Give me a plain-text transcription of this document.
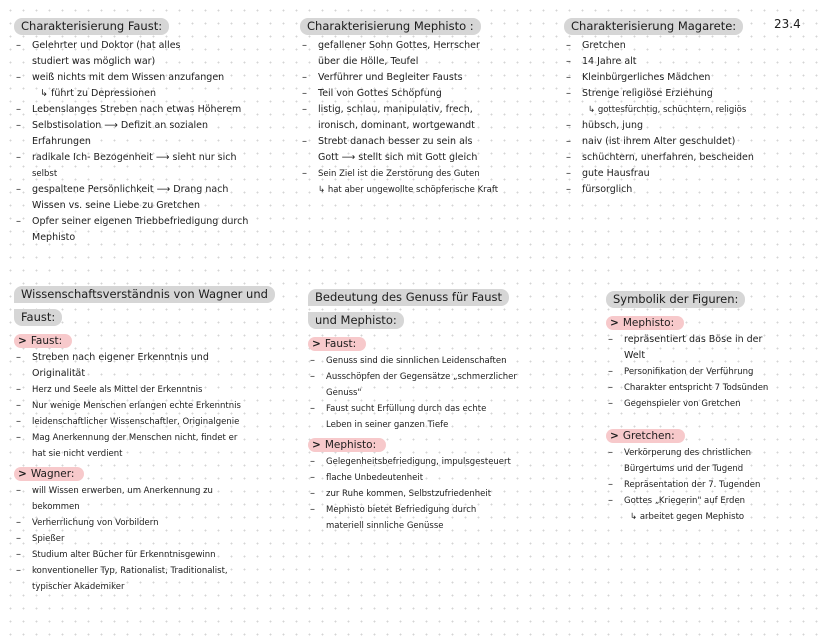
23.4
Charakterisierung Faust:
– Gelehrter und Doktor (hat alles
studiert was möglich war)
– weiß nichts mit dem Wissen anzufangen
↳ führt zu Depressionen
– Lebenslanges Streben nach etwas Höherem
– Selbstisolation ⟶ Defizit an sozialen
Erfahrungen
– radikale Ich- Bezogenheit ⟶ sieht nur sich
selbst
– gespaltene Persönlichkeit ⟶ Drang nach
Wissen vs. seine Liebe zu Gretchen
– Opfer seiner eigenen Triebbefriedigung durch
Mephisto
Charakterisierung Mephisto :
– gefallener Sohn Gottes, Herrscher
über die Hölle, Teufel
– Verführer und Begleiter Fausts
– Teil von Gottes Schöpfung
– listig, schlau, manipulativ, frech,
ironisch, dominant, wortgewandt
– Strebt danach besser zu sein als
Gott ⟶ stellt sich mit Gott gleich
– Sein Ziel ist die Zerstörung des Guten
↳ hat aber ungewollte schöpferische Kraft
Charakterisierung Magarete:
– Gretchen
– 14 Jahre alt
– Kleinbürgerliches Mädchen
– Strenge religiöse Erziehung
↳ gottesfürchtig, schüchtern, religiös
– hübsch, jung
– naiv (ist ihrem Alter geschuldet)
– schüchtern, unerfahren, bescheiden
– gute Hausfrau
– fürsorglich
Wissenschaftsverständnis von Wagner und
Faust:
> Faust:
– Streben nach eigener Erkenntnis und
Originalität
– Herz und Seele als Mittel der Erkenntnis
– Nur wenige Menschen erlangen echte Erkenntnis
– leidenschaftlicher Wissenschaftler, Originalgenie
– Mag Anerkennung der Menschen nicht, findet er
hat sie nicht verdient
> Wagner:
– will Wissen erwerben, um Anerkennung zu
bekommen
– Verherrlichung von Vorbildern
– Spießer
– Studium alter Bücher für Erkenntnisgewinn
– konventioneller Typ, Rationalist, Traditionalist,
typischer Akademiker
Bedeutung des Genuss für Faust
und Mephisto:
> Faust:
– Genuss sind die sinnlichen Leidenschaften
– Ausschöpfen der Gegensätze „schmerzlicher
Genuss"
– Faust sucht Erfüllung durch das echte
Leben in seiner ganzen Tiefe
> Mephisto:
– Gelegenheitsbefriedigung, impulsgesteuert
– flache Unbedeutenheit
– zur Ruhe kommen, Selbstzufriedenheit
– Mephisto bietet Befriedigung durch
materiell sinnliche Genüsse
Symbolik der Figuren:
> Mephisto:
– repräsentiert das Böse in der
Welt
– Personifikation der Verführung
– Charakter entspricht 7 Todsünden
– Gegenspieler von Gretchen
> Gretchen:
– Verkörperung des christlichen
Bürgertums und der Tugend
– Repräsentation der 7. Tugenden
– Gottes „Kriegerin" auf Erden
↳ arbeitet gegen Mephisto
